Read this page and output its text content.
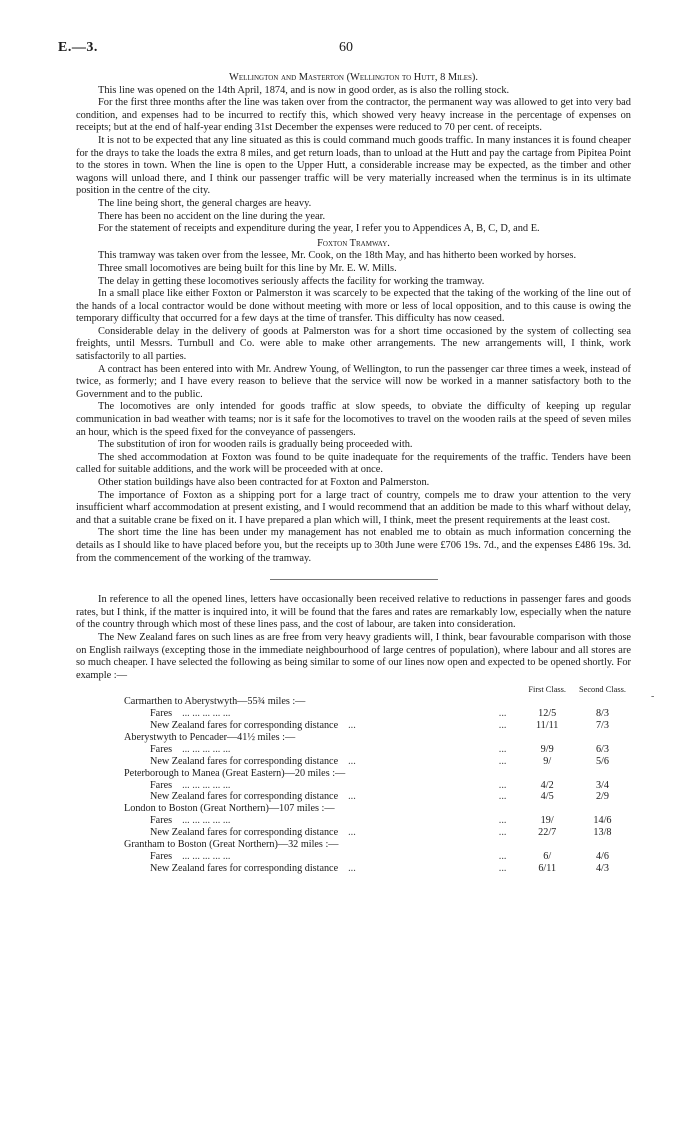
E.—3.	60
-
Wellington and Masterton (Wellington to Hutt, 8 Miles).

This line was opened on the 14th April, 1874, and is now in good order, as is also the rolling stock.

For the first three months after the line was taken over from the contractor, the permanent way was allowed to get into very bad condition, and expenses had to be incurred to rectify this, which showed very heavy increase in the percentage of expenses on receipts; but at the end of half-year ending 31st December the expenses were reduced to 70 per cent. of receipts.

It is not to be expected that any line situated as this is could command much goods traffic. In many instances it is found cheaper for the drays to take the loads the extra 8 miles, and get return loads, than to unload at the Hutt and pay the cartage from Pipitea Point to the stores in town. When the line is open to the Upper Hutt, a considerable increase may be expected, as the timber and other wagons will unload there, and I think our passenger traffic will be very materially increased when the terminus is in its ultimate position in the centre of the city.

The line being short, the general charges are heavy.

There has been no accident on the line during the year.

For the statement of receipts and expenditure during the year, I refer you to Appendices A, B, C, D, and E.

Foxton Tramway.

This tramway was taken over from the lessee, Mr. Cook, on the 18th May, and has hitherto been worked by horses.

Three small locomotives are being built for this line by Mr. E. W. Mills.

The delay in getting these locomotives seriously affects the facility for working the tramway.

In a small place like either Foxton or Palmerston it was scarcely to be expected that the taking of the working of the line out of the hands of a local contractor would be done without meeting with more or less of local opposition, and to this cause is owing the temporary difficulty that occurred for a few days at the time of transfer. This difficulty has now ceased.

Considerable delay in the delivery of goods at Palmerston was for a short time occasioned by the system of collecting sea freights, until Messrs. Turnbull and Co. were able to make other arrangements. The new arrangements will, I think, work satisfactorily to all parties.

A contract has been entered into with Mr. Andrew Young, of Wellington, to run the passenger car three times a week, instead of twice, as formerly; and I have every reason to believe that the service will now be worked in a manner satisfactory both to the Government and to the public.

The locomotives are only intended for goods traffic at slow speeds, to obviate the difficulty of keeping up regular communication in bad weather with teams; nor is it safe for the locomotives to travel on the wooden rails at the speed of seven miles an hour, which is the speed fixed for the conveyance of passengers.

The substitution of iron for wooden rails is gradually being proceeded with.

The shed accommodation at Foxton was found to be quite inadequate for the requirements of the traffic. Tenders have been called for suitable additions, and the work will be proceeded with at once.

Other station buildings have also been contracted for at Foxton and Palmerston.

The importance of Foxton as a shipping port for a large tract of country, compels me to draw your attention to the very insufficient wharf accommodation at present existing, and I would recommend that an addition be made to this wharf without delay, and that a suitable crane be fixed on it. I have prepared a plan which will, I think, meet the present requirements at the least cost.

The short time the line has been under my management has not enabled me to obtain as much information concerning the details as I should like to have placed before you, but the receipts up to 30th June were £706 19s. 7d., and the expenses £486 19s. 3d. from the commencement of the working of the tramway.

In reference to all the opened lines, letters have occasionally been received relative to reductions in passenger fares and goods rates, but I think, if the matter is inquired into, it will be found that the fares and rates are remarkably low, especially when the nature of the country through which most of these lines pass, and the cost of labour, are taken into consideration.

The New Zealand fares on such lines as are free from very heavy gradients will, I think, bear favourable comparison with those on English railways (excepting those in the immediate neighbourhood of large centres of population), where labour and all stores are so much cheaper. I have selected the following as being similar to some of our lines now open and expected to be opened shortly. For example :—

	First Class.	Second Class.
Carmarthen to Aberystwyth—55¾ miles :—		
Fares ... ... ... ... ... ...	12/5	8/3
New Zealand fares for corresponding distance ... ...	11/11	7/3
Aberystwyth to Pencader—41½ miles :—		
Fares ... ... ... ... ... ...	9/9	6/3
New Zealand fares for corresponding distance ... ...	9/	5/6
Peterborough to Manea (Great Eastern)—20 miles :—		
Fares ... ... ... ... ... ...	4/2	3/4
New Zealand fares for corresponding distance ... ...	4/5	2/9
London to Boston (Great Northern)—107 miles :—		
Fares ... ... ... ... ... ...	19/	14/6
New Zealand fares for corresponding distance ... ...	22/7	13/8
Grantham to Boston (Great Northern)—32 miles :—		
Fares ... ... ... ... ... ...	6/	4/6
New Zealand fares for corresponding distance ... ...	6/11	4/3
